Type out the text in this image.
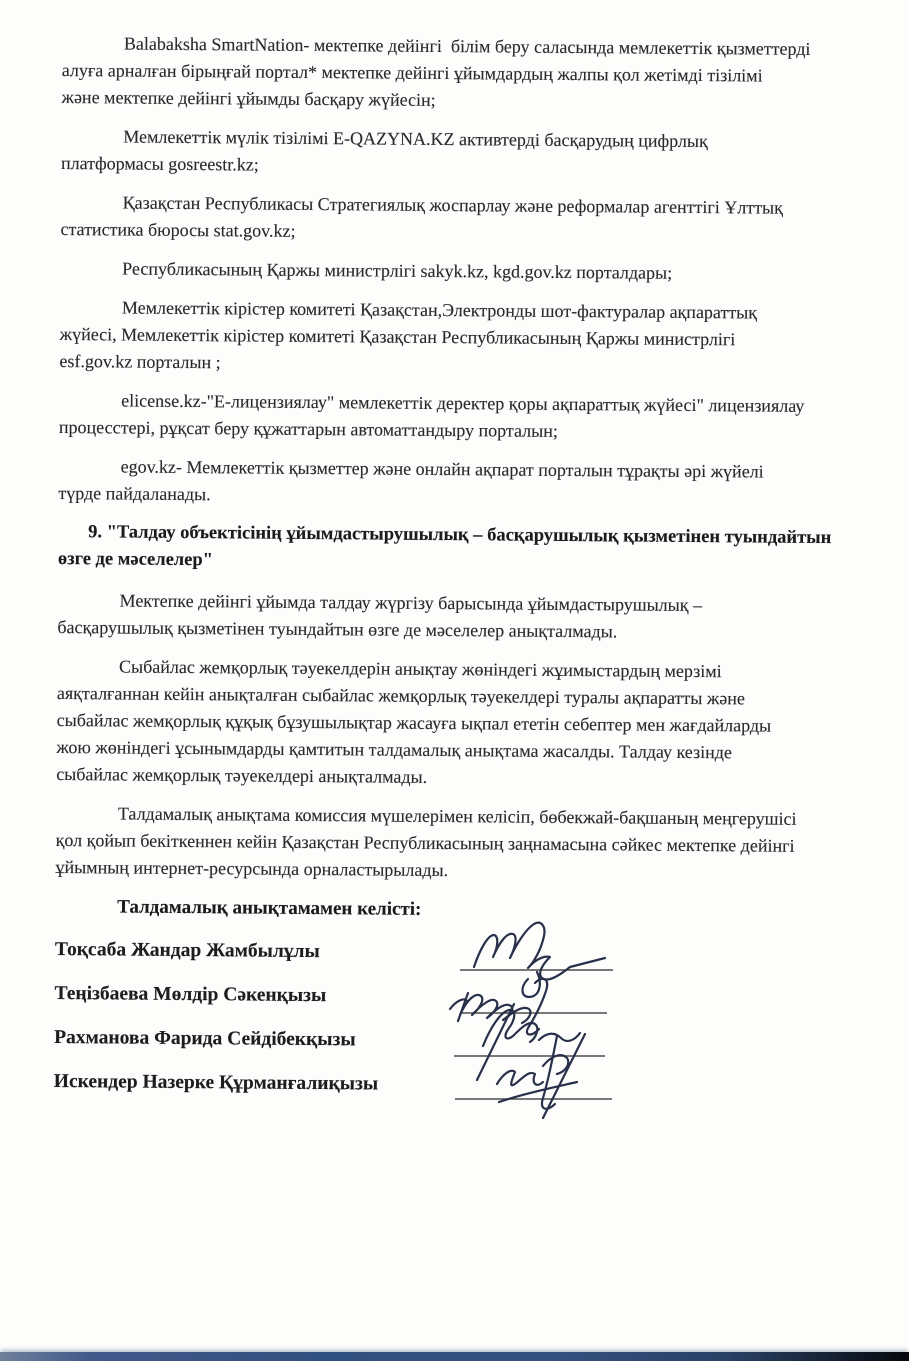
Balabaksha SmartNation- мектепке дейінгі  білім беру саласында мемлекеттік қызметтерді
алуға арналған бірыңғай портал* мектепке дейінгі ұйымдардың жалпы қол жетімді тізілімі
және мектепке дейінгі ұйымды басқару жүйесін;

Мемлекеттік мүлік тізілімі E-QAZYNA.KZ активтерді басқарудың цифрлық
платформасы gosreestr.kz;

Қазақстан Республикасы Стратегиялық жоспарлау және реформалар агенттігі Ұлттық
статистика бюросы stat.gov.kz;

Республикасының Қаржы министрлігі sakyk.kz, kgd.gov.kz порталдары;

Мемлекеттік кірістер комитеті Қазақстан,Электронды шот-фактуралар ақпараттық
жүйесі, Мемлекеттік кірістер комитеті Қазақстан Республикасының Қаржы министрлігі
esf.gov.kz порталын ;

elicense.kz-"Е-лицензиялау" мемлекеттік деректер қоры ақпараттық жүйесі" лицензиялау
процесстері, рұқсат беру құжаттарын автоматтандыру порталын;

egov.kz- Мемлекеттік қызметтер және онлайн ақпарат порталын тұрақты әрі жүйелі
түрде пайдаланады.

9. "Талдау объектісінің ұйымдастырушылық – басқарушылық қызметінен туындайтын
өзге де мәселелер"

Мектепке дейінгі ұйымда талдау жүргізу барысында ұйымдастырушылық –
басқарушылық қызметінен туындайтын өзге де мәселелер анықталмады.

Сыбайлас жемқорлық тәуекелдерін анықтау жөніндегі жұимыстардың мерзімі
аяқталғаннан кейін анықталған сыбайлас жемқорлық тәуекелдері туралы ақпаратты және
сыбайлас жемқорлық құқық бұзушылықтар жасауға ықпал ететін себептер мен жағдайларды
жою жөніндегі ұсынымдарды қамтитын талдамалық анықтама жасалды. Талдау кезінде
сыбайлас жемқорлық тәуекелдері анықталмады.

Талдамалық анықтама комиссия мүшелерімен келісіп, бөбекжай-бақшаның меңгерушісі
қол қойып бекіткеннен кейін Қазақстан Республикасының заңнамасына сәйкес мектепке дейінгі
ұйымның интернет-ресурсында орналастырылады.

Талдамалық анықтамамен келісті:

Тоқсаба Жандар Жамбылұлы
Теңізбаева Мөлдір Сәкенқызы
Рахманова Фарида Сейдібекқызы
Искендер Назерке Құрманғалиқызы
